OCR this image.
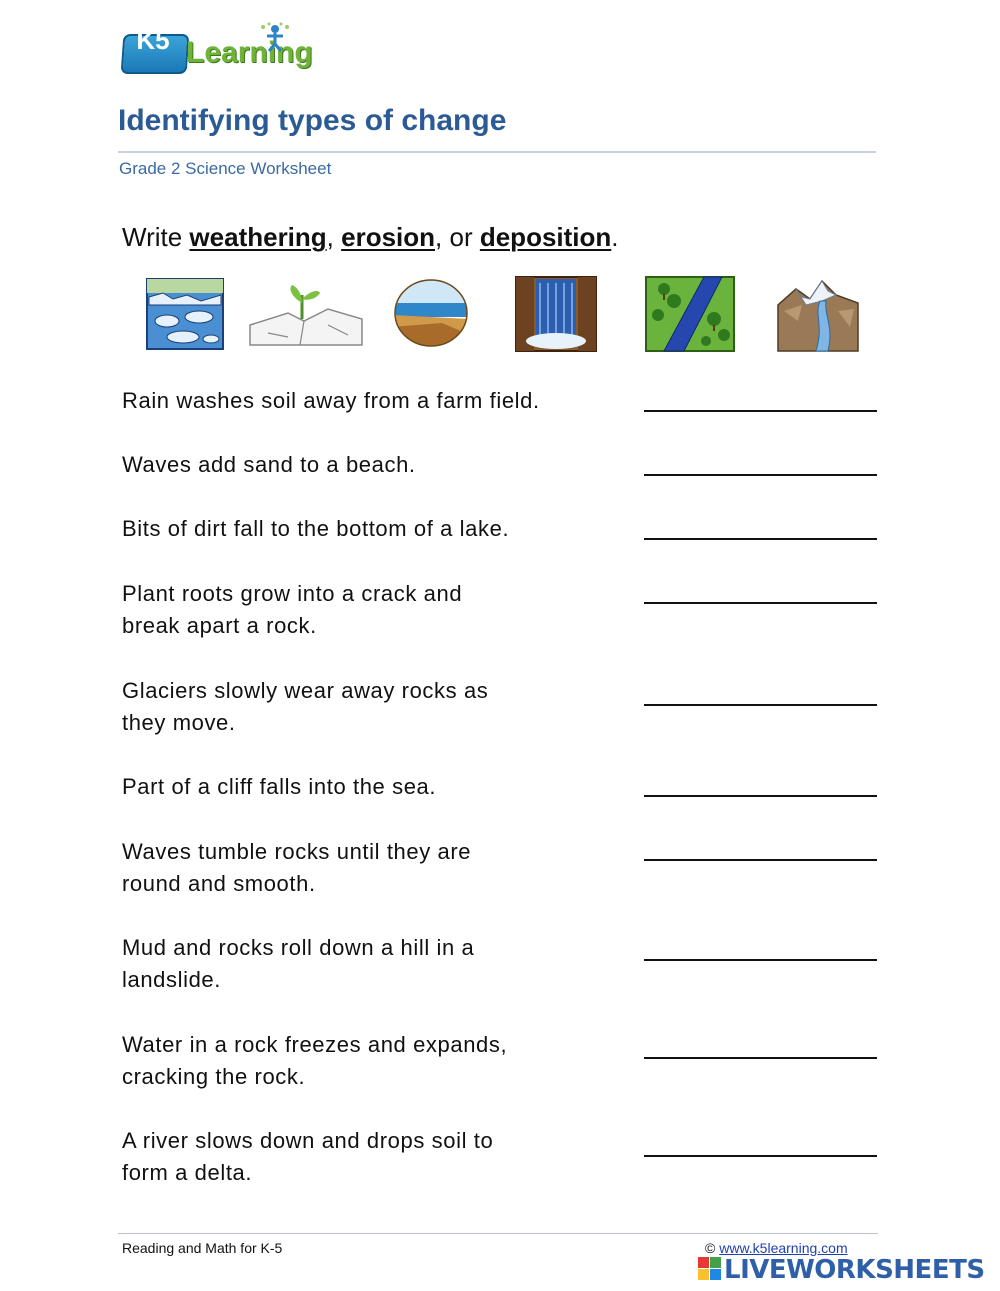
K5 Learning
Identifying types of change
Grade 2 Science Worksheet
Write weathering, erosion, or deposition.
Rain washes soil away from a farm field.
Waves add sand to a beach.
Bits of dirt fall to the bottom of a lake.
Plant roots grow into a crack and
break apart a rock.
Glaciers slowly wear away rocks as
they move.
Part of a cliff falls into the sea.
Waves tumble rocks until they are
round and smooth.
Mud and rocks roll down a hill in a
landslide.
Water in a rock freezes and expands,
cracking the rock.
A river slows down and drops soil to
form a delta.
Reading and Math for K-5	© www.k5learning.com
LIVEWORKSHEETS
